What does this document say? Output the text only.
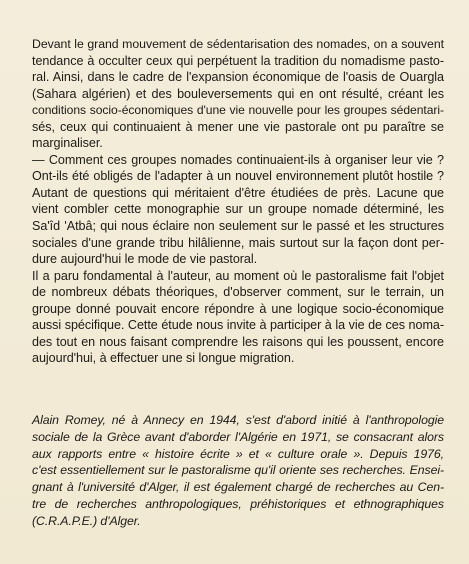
Devant le grand mouvement de sédentarisation des nomades, on a souvent
tendance à occulter ceux qui perpétuent la tradition du nomadisme pasto-
ral. Ainsi, dans le cadre de l'expansion économique de l'oasis de Ouargla
(Sahara algérien) et des bouleversements qui en ont résulté, créant les
conditions socio-économiques d'une vie nouvelle pour les groupes sédentari-
sés, ceux qui continuaient à mener une vie pastorale ont pu paraître se
marginaliser.
— Comment ces groupes nomades continuaient-ils à organiser leur vie ?
Ont-ils été obligés de l'adapter à un nouvel environnement plutôt hostile ?
Autant de questions qui méritaient d'être étudiées de près. Lacune que
vient combler cette monographie sur un groupe nomade déterminé, les
Sa'îd 'Atbâ; qui nous éclaire non seulement sur le passé et les structures
sociales d'une grande tribu hilâlienne, mais surtout sur la façon dont per-
dure aujourd'hui le mode de vie pastoral.
Il a paru fondamental à l'auteur, au moment où le pastoralisme fait l'objet
de nombreux débats théoriques, d'observer comment, sur le terrain, un
groupe donné pouvait encore répondre à une logique socio-économique
aussi spécifique. Cette étude nous invite à participer à la vie de ces noma-
des tout en nous faisant comprendre les raisons qui les poussent, encore
aujourd'hui, à effectuer une si longue migration.
Alain Romey, né à Annecy en 1944, s'est d'abord initié à l'anthropologie
sociale de la Grèce avant d'aborder l'Algérie en 1971, se consacrant alors
aux rapports entre « histoire écrite » et « culture orale ». Depuis 1976,
c'est essentiellement sur le pastoralisme qu'il oriente ses recherches. Ensei-
gnant à l'université d'Alger, il est également chargé de recherches au Cen-
tre de recherches anthropologiques, préhistoriques et ethnographiques
(C.R.A.P.E.) d'Alger.
